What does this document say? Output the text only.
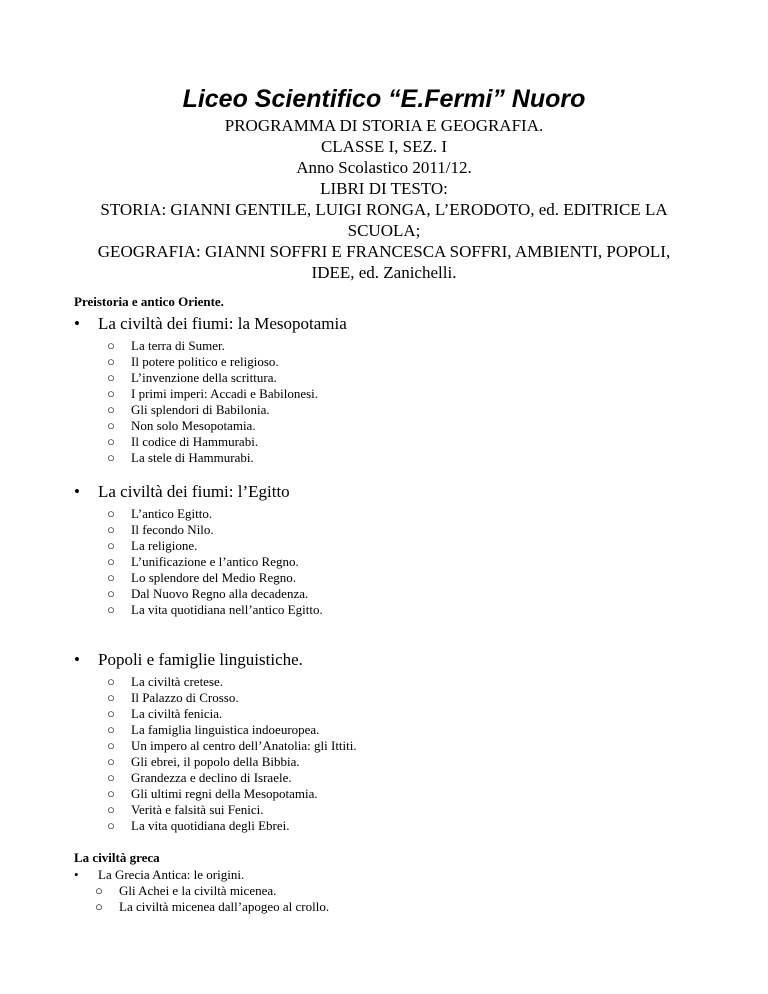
Liceo Scientifico “E.Fermi” Nuoro
PROGRAMMA DI STORIA E GEOGRAFIA.
CLASSE I, SEZ. I
Anno Scolastico 2011/12.
LIBRI DI TESTO:
STORIA: GIANNI GENTILE, LUIGI RONGA, L’ERODOTO, ed. EDITRICE LA
SCUOLA;
GEOGRAFIA: GIANNI SOFFRI E FRANCESCA SOFFRI, AMBIENTI, POPOLI,
IDEE, ed. Zanichelli.
Preistoria e antico Oriente.
• La civiltà dei fiumi: la Mesopotamia
○ La terra di Sumer.
○ Il potere politico e religioso.
○ L’invenzione della scrittura.
○ I primi imperi: Accadi e Babilonesi.
○ Gli splendori di Babilonia.
○ Non solo Mesopotamia.
○ Il codice di Hammurabi.
○ La stele di Hammurabi.
• La civiltà dei fiumi: l’Egitto
○ L’antico Egitto.
○ Il fecondo Nilo.
○ La religione.
○ L’unificazione e l’antico Regno.
○ Lo splendore del Medio Regno.
○ Dal Nuovo Regno alla decadenza.
○ La vita quotidiana nell’antico Egitto.
• Popoli e famiglie linguistiche.
○ La civiltà cretese.
○ Il Palazzo di Crosso.
○ La civiltà fenicia.
○ La famiglia linguistica indoeuropea.
○ Un impero al centro dell’Anatolia: gli Ittiti.
○ Gli ebrei, il popolo della Bibbia.
○ Grandezza e declino di Israele.
○ Gli ultimi regni della Mesopotamia.
○ Verità e falsità sui Fenici.
○ La vita quotidiana degli Ebrei.
La civiltà greca
• La Grecia Antica: le origini.
○ Gli Achei e la civiltà micenea.
○ La civiltà micenea dall’apogeo al crollo.
